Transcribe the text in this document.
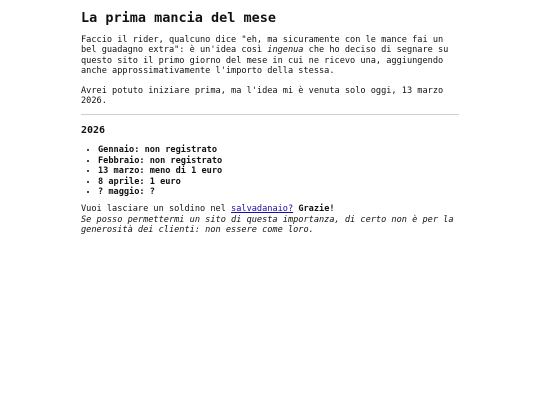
La prima mancia del mese

Faccio il rider, qualcuno dice "eh, ma sicuramente con le mance fai un bel guadagno extra": è un'idea così ingenua che ho deciso di segnare su questo sito il primo giorno del mese in cui ne ricevo una, aggiungendo anche approssimativamente l'importo della stessa.

Avrei potuto iniziare prima, ma l'idea mi è venuta solo oggi, 13 marzo 2026.

2026
• Gennaio: non registrato
• Febbraio: non registrato
• 13 marzo: meno di 1 euro
• 8 aprile: 1 euro
• ? maggio: ?

Vuoi lasciare un soldino nel salvadanaio? Grazie!
Se posso permettermi un sito di questa importanza, di certo non è per la generosità dei clienti: non essere come loro.
